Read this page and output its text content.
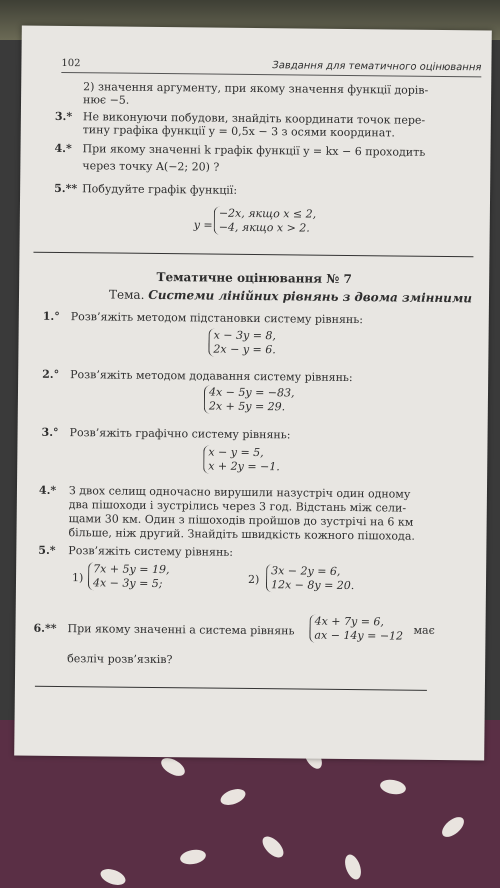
102	Завдання для тематичного оцінювання
2) значення аргументу, при якому значення функції дорів-
нює −5.
3.* Не виконуючи побудови, знайдіть координати точок пере-
тину графіка функції y = 0,5x − 3 з осями координат.
4.* При якому значенні k графік функції y = kx − 6 проходить
через точку A(−2; 20) ?
5.** Побудуйте графік функції:
y =
−2x, якщо x ≤ 2,
−4, якщо x > 2.
Тематичне оцінювання № 7
Тема. Системи лінійних рівнянь з двома змінними
1.° Розв’яжіть методом підстановки систему рівнянь:
x − 3y = 8,
2x − y = 6.
2.° Розв’яжіть методом додавання систему рівнянь:
4x − 5y = −83,
2x + 5y = 29.
3.° Розв’яжіть графічно систему рівнянь:
x − y = 5,
x + 2y = −1.
4.* З двох селищ одночасно вирушили назустріч один одному
два пішоходи і зустрілись через 3 год. Відстань між сели-
щами 30 км. Один з пішоходів пройшов до зустрічі на 6 км
більше, ніж другий. Знайдіть швидкість кожного пішохода.
5.* Розв’яжіть систему рівнянь:
1)
7x + 5y = 19,
4x − 3y = 5;	2)
3x − 2y = 6,
12x − 8y = 20.
6.** При якому значенні a система рівнянь
4x + 7y = 6,
ax − 14y = −12 має
безліч розв’язків?
